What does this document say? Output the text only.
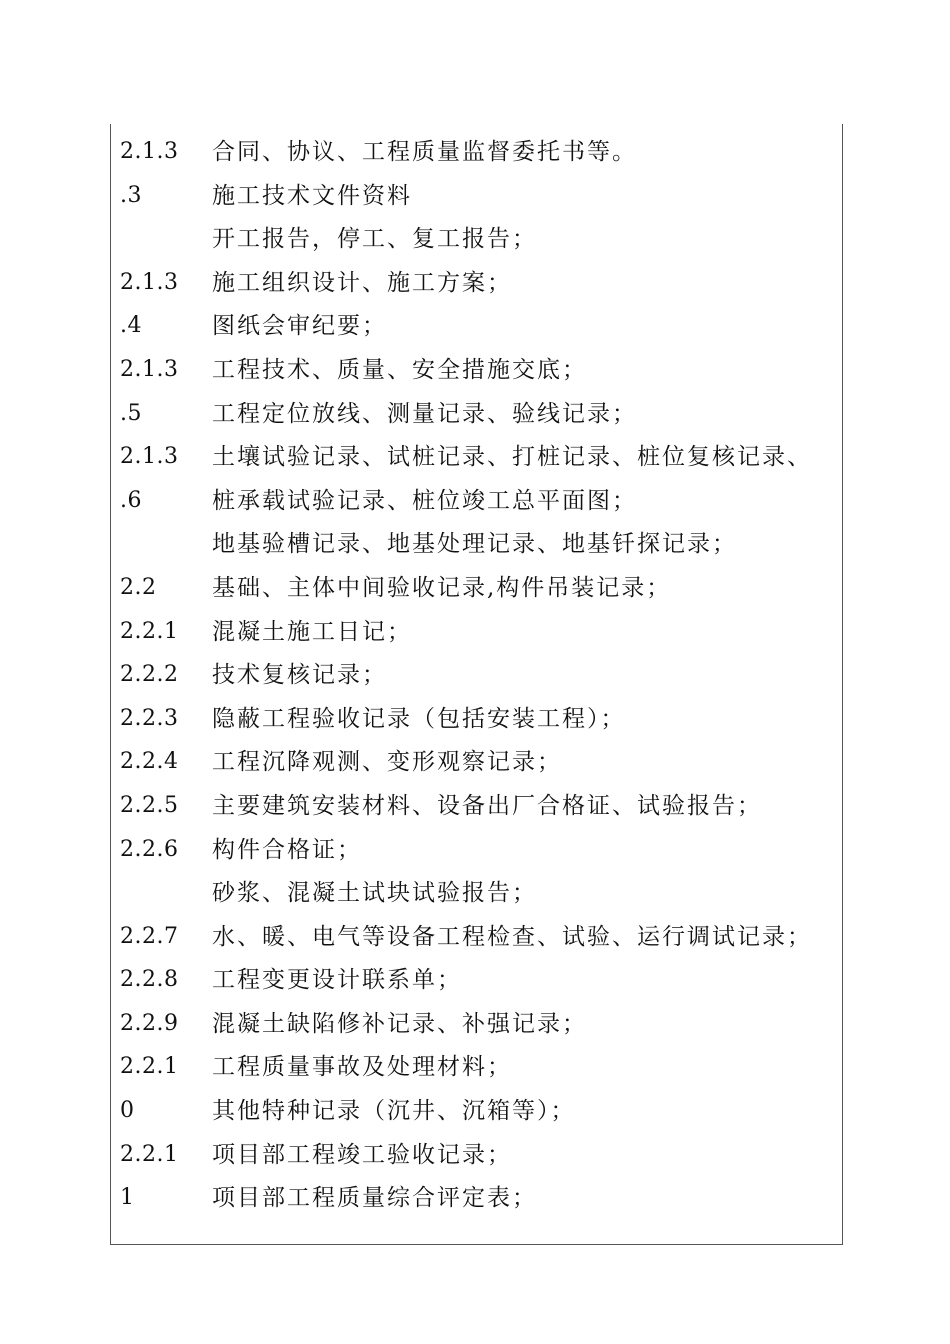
2.1.3 合同、协议、工程质量监督委托书等。
.3	施工技术文件资料
开工报告，停工、复工报告；
2.1.3 施工组织设计、施工方案；
.4	图纸会审纪要；
2.1.3 工程技术、质量、安全措施交底；
.5	工程定位放线、测量记录、验线记录；
2.1.3 土壤试验记录、试桩记录、打桩记录、桩位复核记录、
.6	桩承载试验记录、桩位竣工总平面图；
地基验槽记录、地基处理记录、地基钎探记录；
2.2 基础、主体中间验收记录,构件吊装记录；
2.2.1 混凝土施工日记；
2.2.2 技术复核记录；
2.2.3 隐蔽工程验收记录（包括安装工程）；
2.2.4 工程沉降观测、变形观察记录；
2.2.5 主要建筑安装材料、设备出厂合格证、试验报告；
2.2.6 构件合格证；
砂浆、混凝土试块试验报告；
2.2.7 水、暖、电气等设备工程检查、试验、运行调试记录；
2.2.8 工程变更设计联系单；
2.2.9 混凝土缺陷修补记录、补强记录；
2.2.1 工程质量事故及处理材料；
0	其他特种记录（沉井、沉箱等）；
2.2.1 项目部工程竣工验收记录；
1	项目部工程质量综合评定表；
